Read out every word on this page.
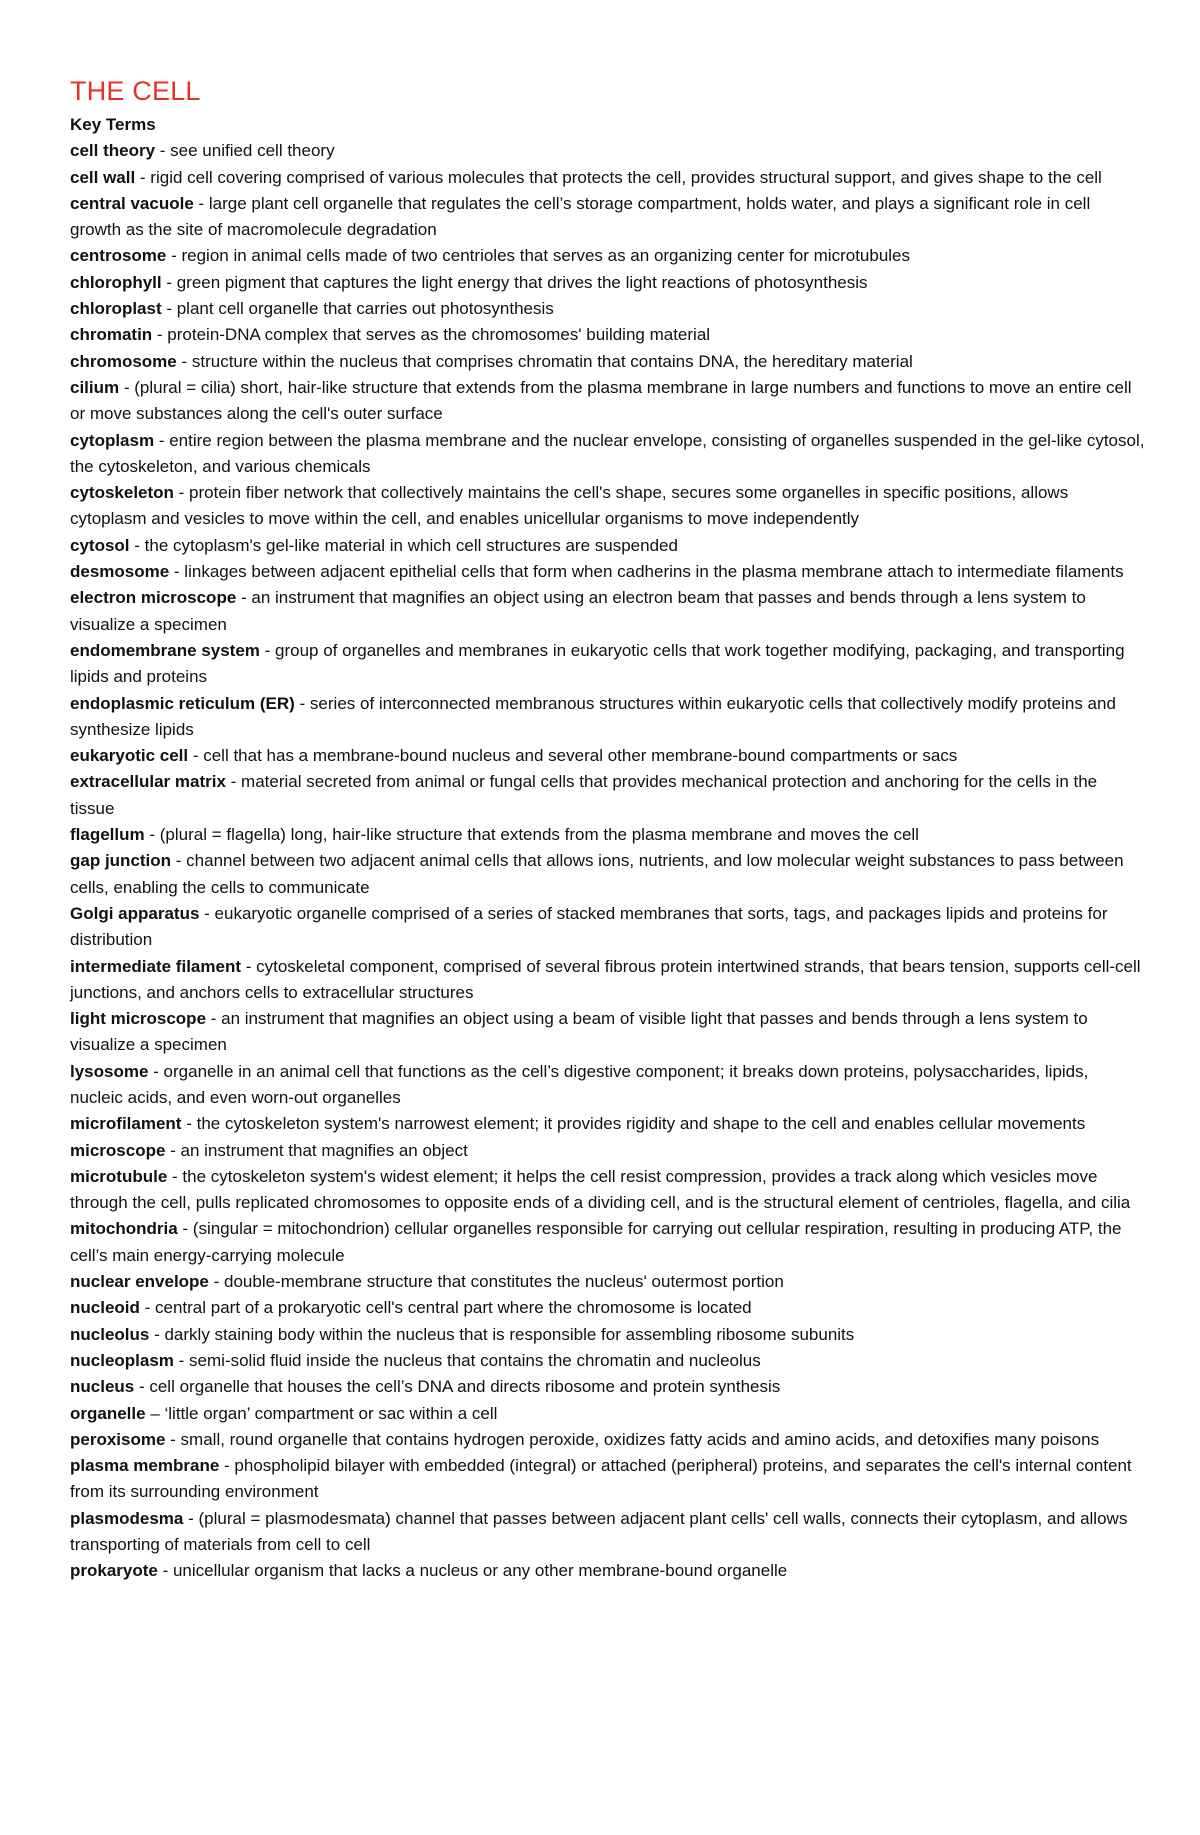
THE CELL
Key Terms
cell theory - see unified cell theory
cell wall - rigid cell covering comprised of various molecules that protects the cell, provides structural support, and gives shape to the cell
central vacuole - large plant cell organelle that regulates the cell’s storage compartment, holds water, and plays a significant role in cell growth as the site of macromolecule degradation
centrosome - region in animal cells made of two centrioles that serves as an organizing center for microtubules
chlorophyll - green pigment that captures the light energy that drives the light reactions of photosynthesis
chloroplast - plant cell organelle that carries out photosynthesis
chromatin - protein-DNA complex that serves as the chromosomes' building material
chromosome - structure within the nucleus that comprises chromatin that contains DNA, the hereditary material
cilium - (plural = cilia) short, hair-like structure that extends from the plasma membrane in large numbers and functions to move an entire cell or move substances along the cell's outer surface
cytoplasm - entire region between the plasma membrane and the nuclear envelope, consisting of organelles suspended in the gel-like cytosol, the cytoskeleton, and various chemicals
cytoskeleton - protein fiber network that collectively maintains the cell's shape, secures some organelles in specific positions, allows cytoplasm and vesicles to move within the cell, and enables unicellular organisms to move independently
cytosol - the cytoplasm's gel-like material in which cell structures are suspended
desmosome - linkages between adjacent epithelial cells that form when cadherins in the plasma membrane attach to intermediate filaments
electron microscope - an instrument that magnifies an object using an electron beam that passes and bends through a lens system to visualize a specimen
endomembrane system - group of organelles and membranes in eukaryotic cells that work together modifying, packaging, and transporting lipids and proteins
endoplasmic reticulum (ER) - series of interconnected membranous structures within eukaryotic cells that collectively modify proteins and synthesize lipids
eukaryotic cell - cell that has a membrane-bound nucleus and several other membrane-bound compartments or sacs
extracellular matrix - material secreted from animal or fungal cells that provides mechanical protection and anchoring for the cells in the tissue
flagellum - (plural = flagella) long, hair-like structure that extends from the plasma membrane and moves the cell
gap junction - channel between two adjacent animal cells that allows ions, nutrients, and low molecular weight substances to pass between cells, enabling the cells to communicate
Golgi apparatus - eukaryotic organelle comprised of a series of stacked membranes that sorts, tags, and packages lipids and proteins for distribution
intermediate filament - cytoskeletal component, comprised of several fibrous protein intertwined strands, that bears tension, supports cell-cell junctions, and anchors cells to extracellular structures
light microscope - an instrument that magnifies an object using a beam of visible light that passes and bends through a lens system to visualize a specimen
lysosome - organelle in an animal cell that functions as the cell’s digestive component; it breaks down proteins, polysaccharides, lipids, nucleic acids, and even worn-out organelles
microfilament - the cytoskeleton system's narrowest element; it provides rigidity and shape to the cell and enables cellular movements
microscope - an instrument that magnifies an object
microtubule - the cytoskeleton system's widest element; it helps the cell resist compression, provides a track along which vesicles move through the cell, pulls replicated chromosomes to opposite ends of a dividing cell, and is the structural element of centrioles, flagella, and cilia
mitochondria - (singular = mitochondrion) cellular organelles responsible for carrying out cellular respiration, resulting in producing ATP, the cell’s main energy-carrying molecule
nuclear envelope - double-membrane structure that constitutes the nucleus' outermost portion
nucleoid - central part of a prokaryotic cell's central part where the chromosome is located
nucleolus - darkly staining body within the nucleus that is responsible for assembling ribosome subunits
nucleoplasm - semi-solid fluid inside the nucleus that contains the chromatin and nucleolus
nucleus - cell organelle that houses the cell’s DNA and directs ribosome and protein synthesis
organelle – ‘little organ’ compartment or sac within a cell
peroxisome - small, round organelle that contains hydrogen peroxide, oxidizes fatty acids and amino acids, and detoxifies many poisons
plasma membrane - phospholipid bilayer with embedded (integral) or attached (peripheral) proteins, and separates the cell's internal content from its surrounding environment
plasmodesma - (plural = plasmodesmata) channel that passes between adjacent plant cells' cell walls, connects their cytoplasm, and allows transporting of materials from cell to cell
prokaryote - unicellular organism that lacks a nucleus or any other membrane-bound organelle
